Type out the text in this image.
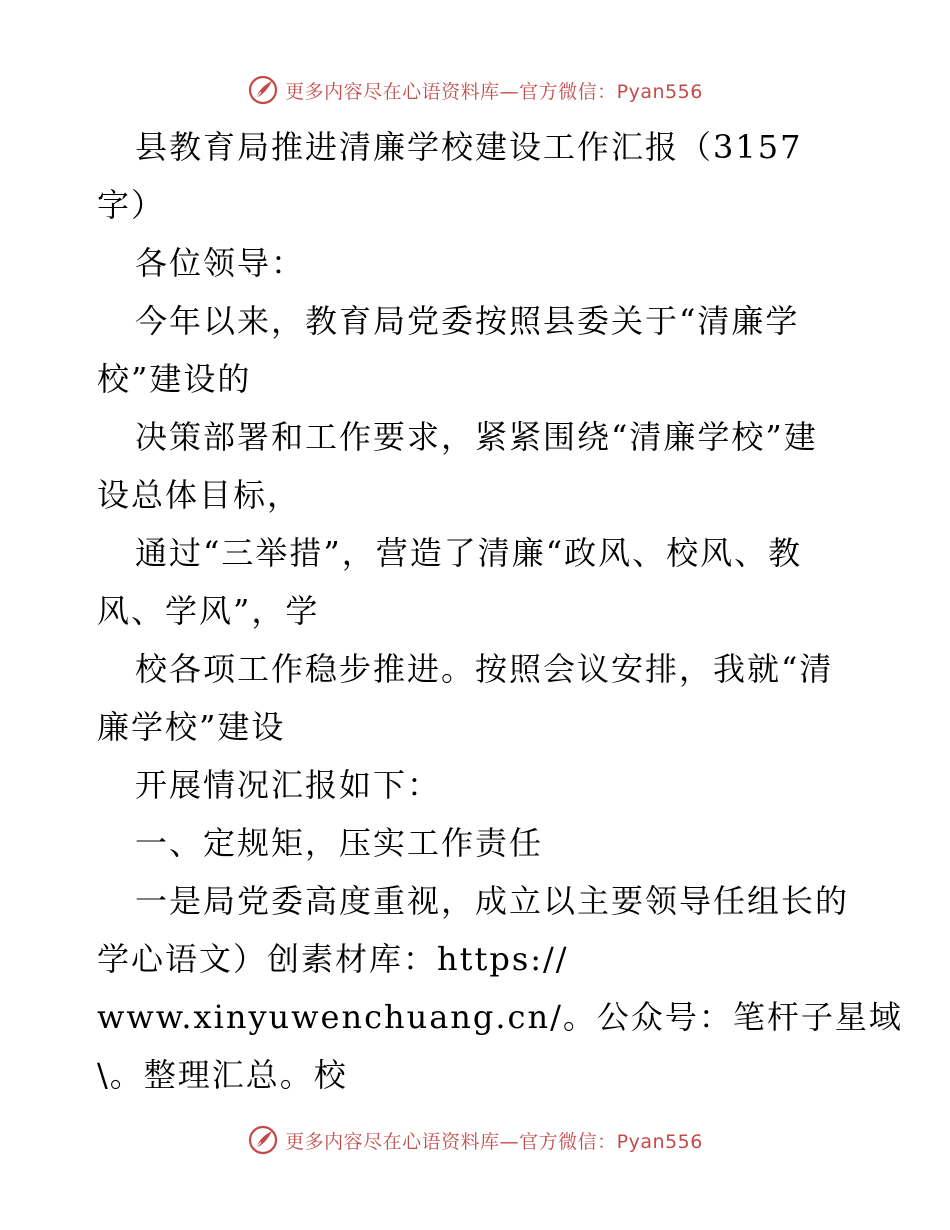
更多内容尽在心语资料库—官方微信：Pyan556
县教育局推进清廉学校建设工作汇报（3157
字）
各位领导：
今年以来，教育局党委按照县委关于“清廉学
校”建设的
决策部署和工作要求，紧紧围绕“清廉学校”建
设总体目标，
通过“三举措”，营造了清廉“政风、校风、教
风、学风”，学
校各项工作稳步推进。按照会议安排，我就“清
廉学校”建设
开展情况汇报如下：
一、定规矩，压实工作责任
一是局党委高度重视，成立以主要领导任组长的
学心语文）创素材库：https://
www.xinyuwenchuang.cn/。公众号：笔杆子星域
\。整理汇总。校
更多内容尽在心语资料库—官方微信：Pyan556
